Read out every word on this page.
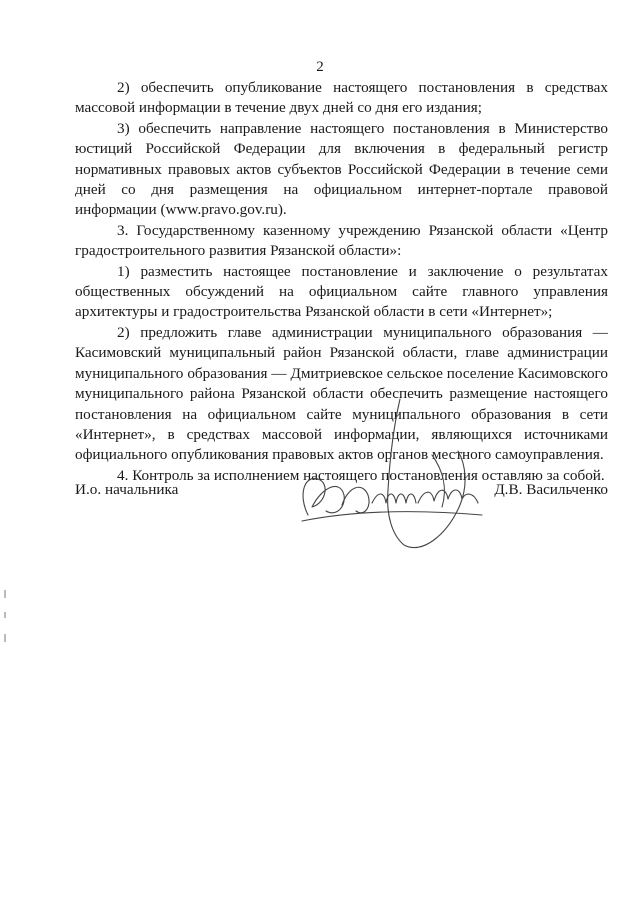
2

2) обеспечить опубликование настоящего постановления в средствах массовой информации в течение двух дней со дня его издания;

3) обеспечить направление настоящего постановления в Министерство юстиций Российской Федерации для включения в федеральный регистр нормативных правовых актов субъектов Российской Федерации в течение семи дней со дня размещения на официальном интернет-портале правовой информации (www.pravo.gov.ru).

3. Государственному казенному учреждению Рязанской области «Центр градостроительного развития Рязанской области»:

1) разместить настоящее постановление и заключение о результатах общественных обсуждений на официальном сайте главного управления архитектуры и градостроительства Рязанской области в сети «Интернет»;

2) предложить главе администрации муниципального образования — Касимовский муниципальный район Рязанской области, главе администрации муниципального образования — Дмитриевское сельское поселение Касимовского муниципального района Рязанской области обеспечить размещение настоящего постановления на официальном сайте муниципального образования в сети «Интернет», в средствах массовой информации, являющихся источниками официального опубликования правовых актов органов местного самоуправления.

4. Контроль за исполнением настоящего постановления оставляю за собой.

И.о. начальника	Д.В. Васильченко
